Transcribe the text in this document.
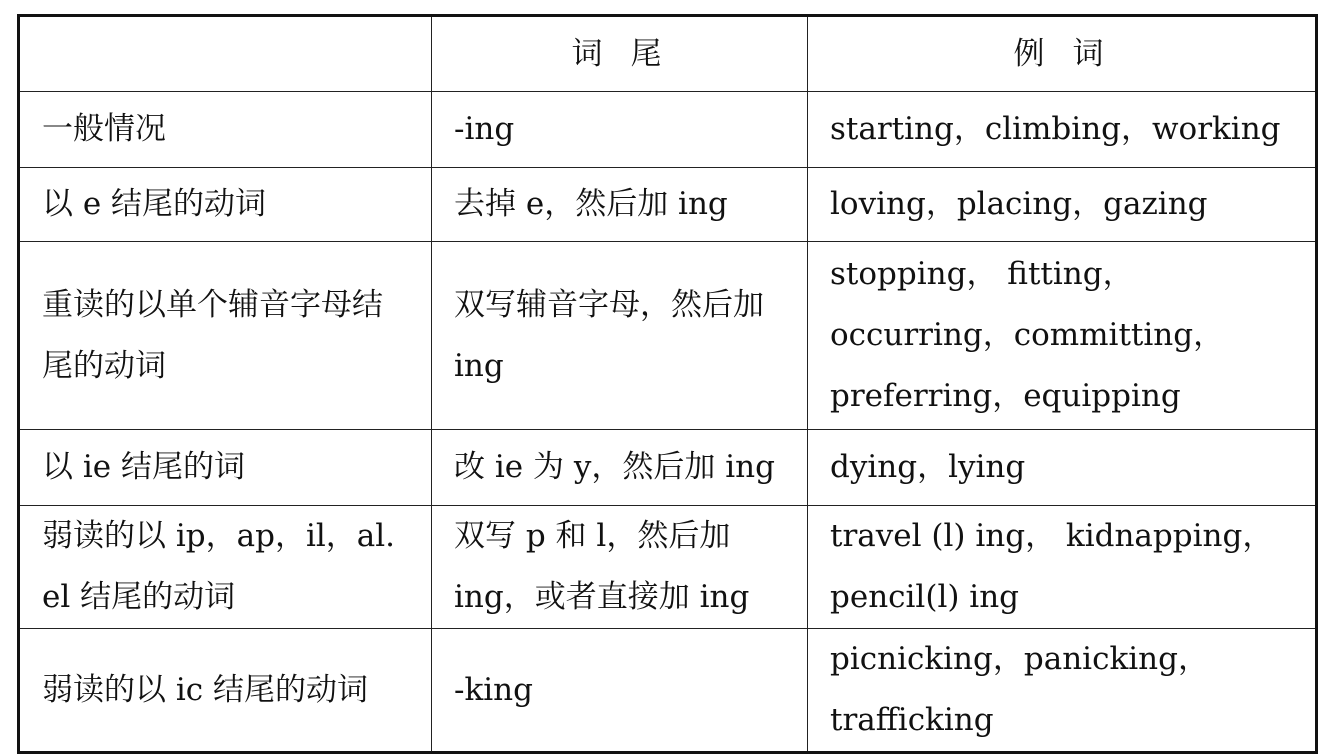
	词尾	例词
一般情况	-ing	starting，climbing，working
以 e 结尾的动词	去掉 e，然后加 ing	loving，placing，gazing
重读的以单个辅音字母结尾的动词	双写辅音字母，然后加 ing	stopping， fitting， occurring，committing，preferring，equipping
以 ie 结尾的词	改 ie 为 y，然后加 ing	dying，lying
弱读的以 ip，ap，il，al. el 结尾的动词	双写 p 和 l，然后加 ing，或者直接加 ing	travel (l) ing， kidnapping，pencil(l) ing
弱读的以 ic 结尾的动词	-king	picnicking，panicking，trafficking
